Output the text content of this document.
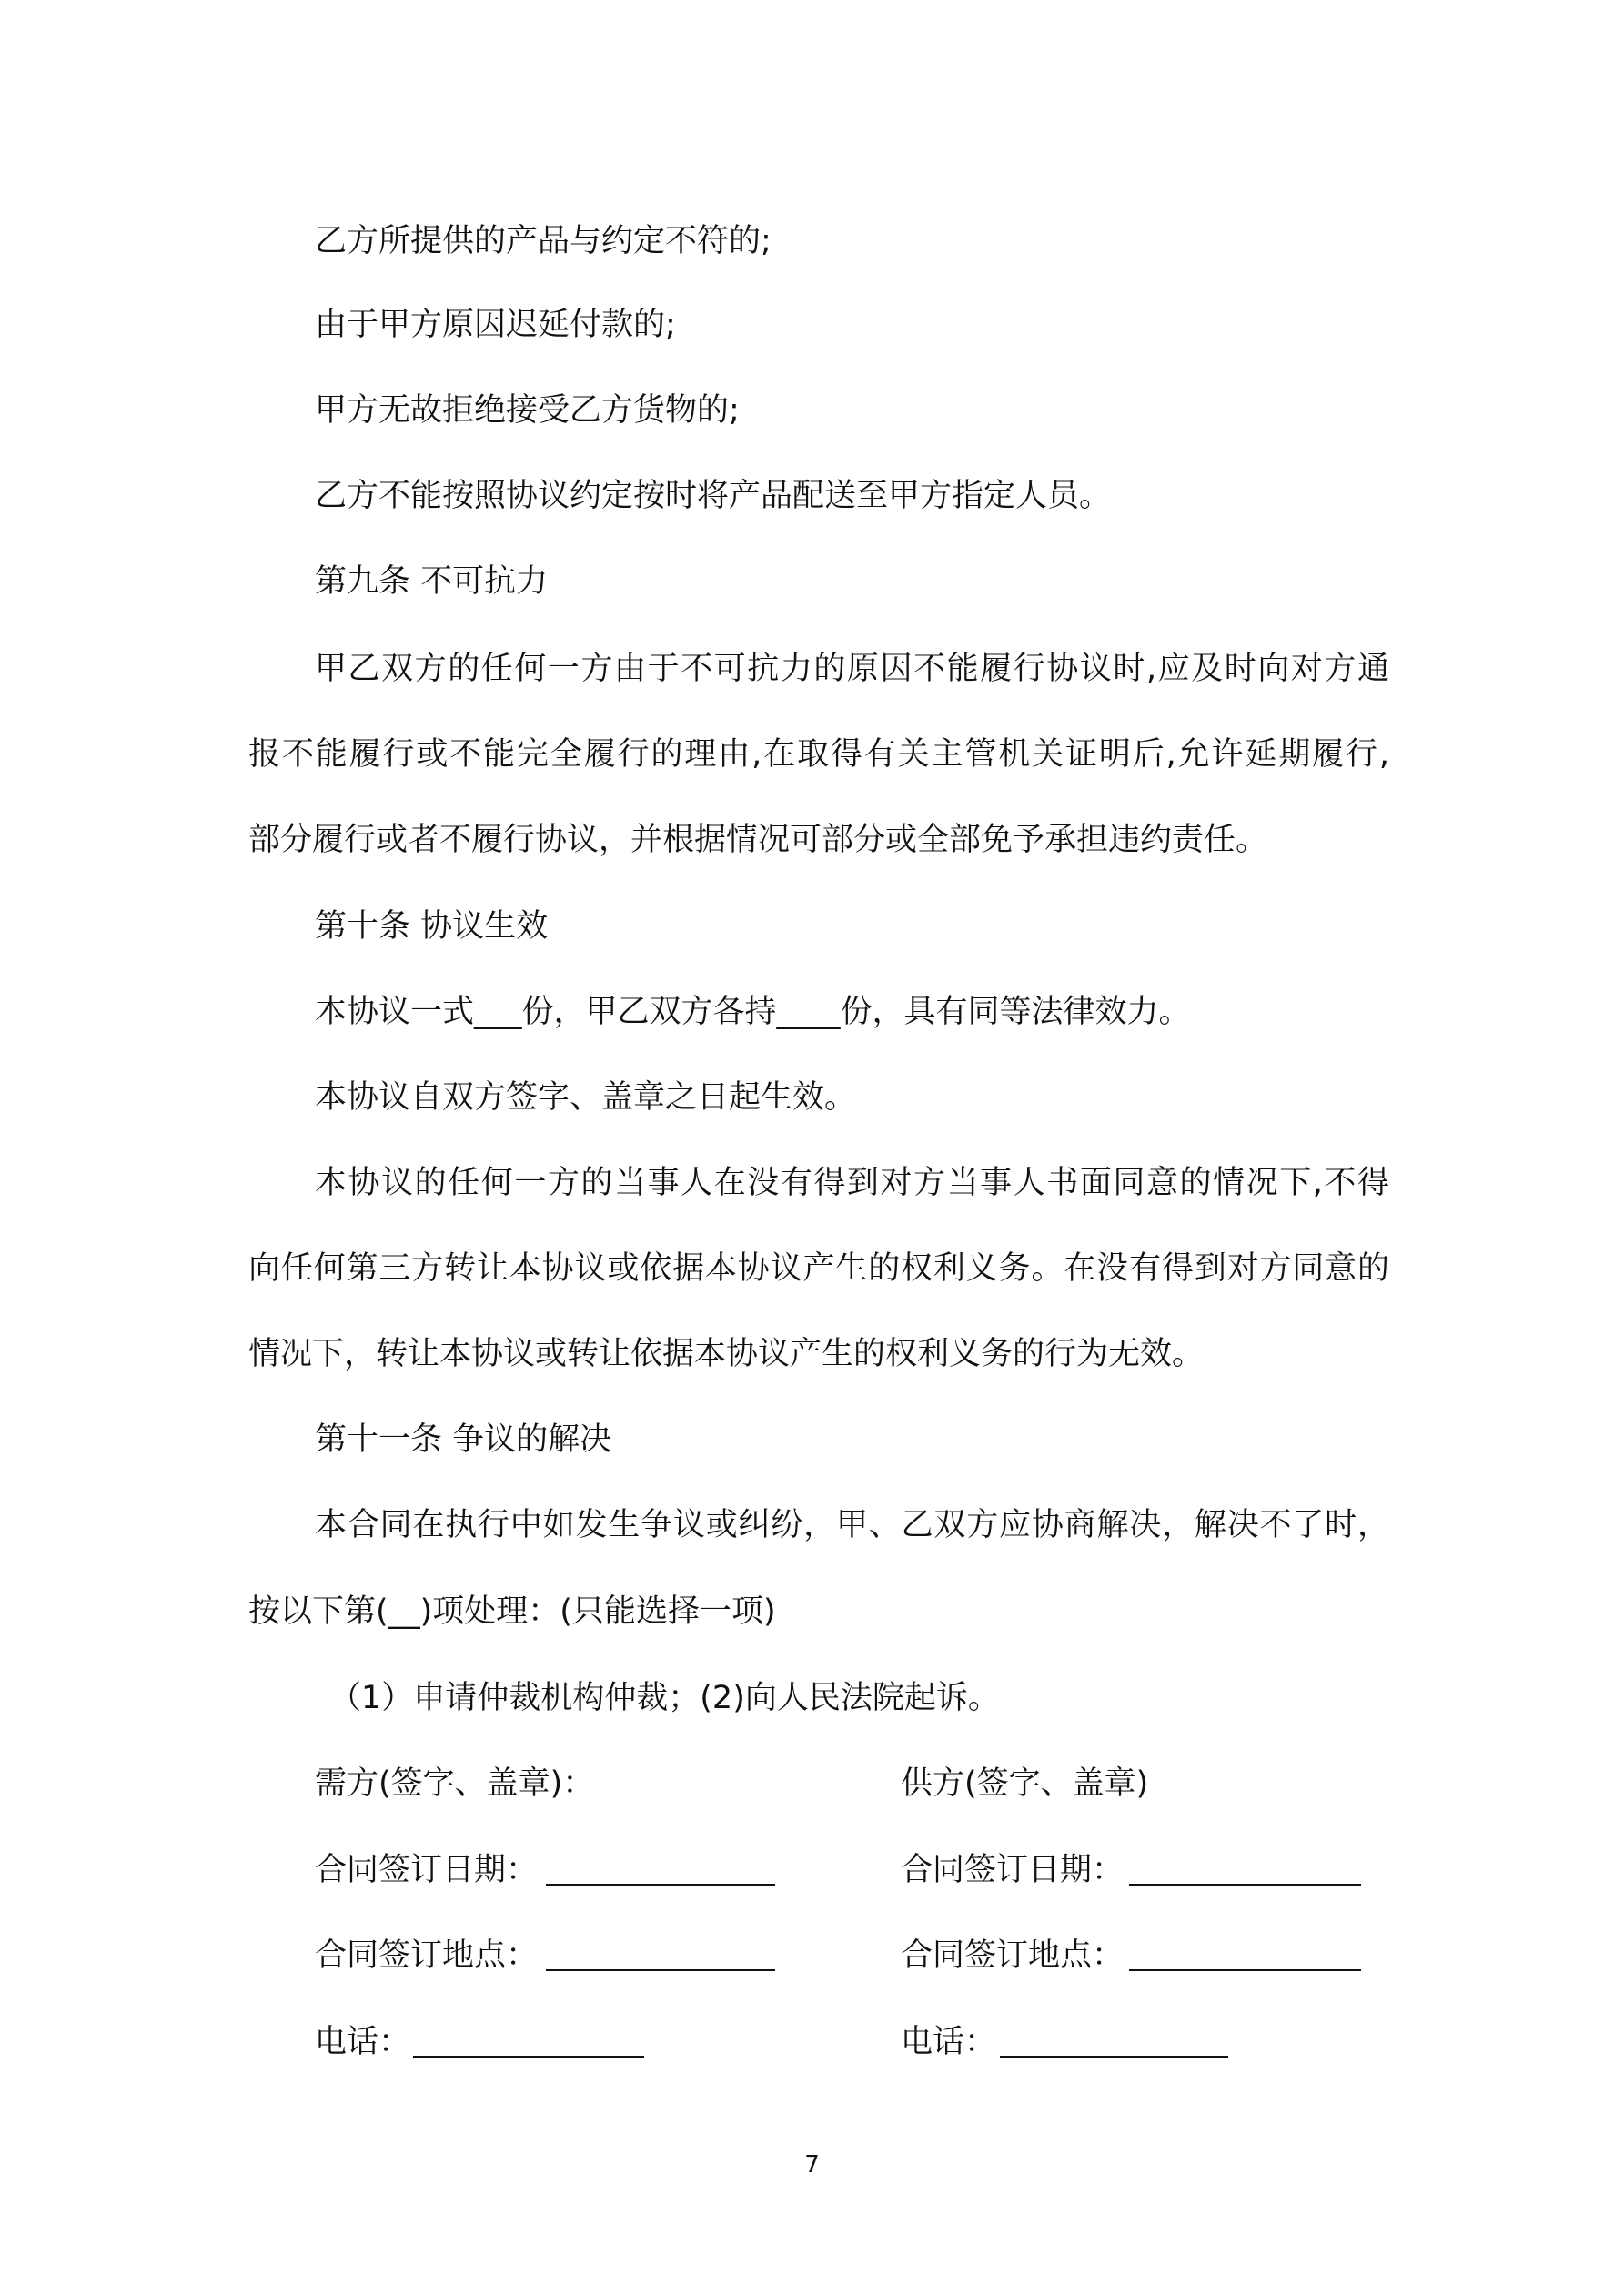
乙方所提供的产品与约定不符的;
由于甲方原因迟延付款的;
甲方无故拒绝接受乙方货物的;
乙方不能按照协议约定按时将产品配送至甲方指定人员。
第九条 不可抗力
甲乙双方的任何一方由于不可抗力的原因不能履行协议时,应及时向对方通
报不能履行或不能完全履行的理由,在取得有关主管机关证明后,允许延期履行,
部分履行或者不履行协议，并根据情况可部分或全部免予承担违约责任。
第十条 协议生效
本协议一式___份，甲乙双方各持____份，具有同等法律效力。
本协议自双方签字、盖章之日起生效。
本协议的任何一方的当事人在没有得到对方当事人书面同意的情况下,不得
向任何第三方转让本协议或依据本协议产生的权利义务。在没有得到对方同意的
情况下，转让本协议或转让依据本协议产生的权利义务的行为无效。
第十一条 争议的解决
本合同在执行中如发生争议或纠纷，甲、乙双方应协商解决，解决不了时，
按以下第(__)项处理：(只能选择一项)
（1）申请仲裁机构仲裁；(2)向人民法院起诉。
需方(签字、盖章)：	供方(签字、盖章)
合同签订日期：	合同签订日期：
合同签订地点：	合同签订地点：
电话：	电话：
7
